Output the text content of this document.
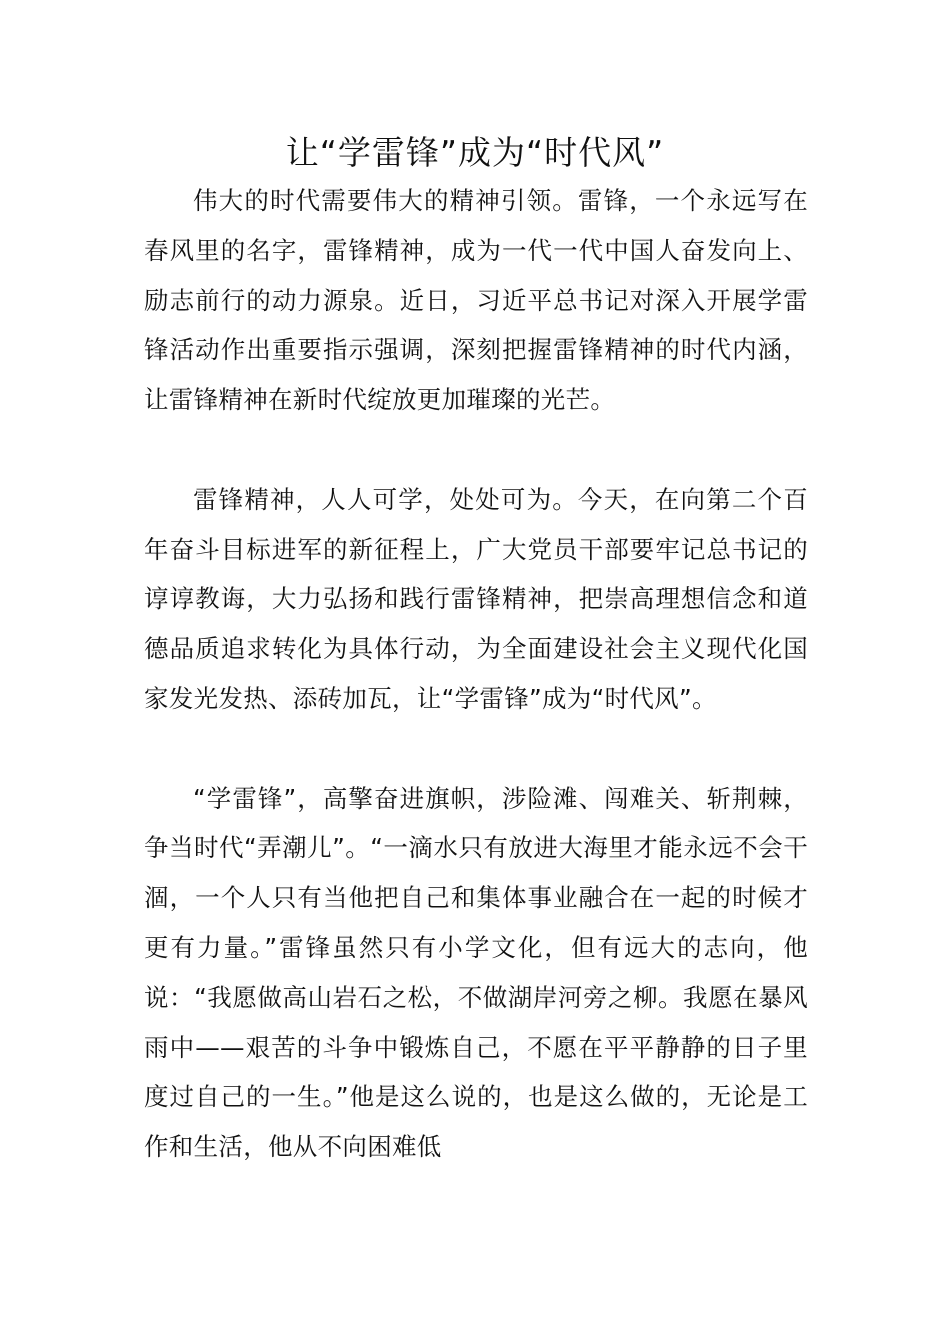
让“学雷锋”成为“时代风”

伟大的时代需要伟大的精神引领。雷锋，一个永远写在春风里的名字，雷锋精神，成为一代一代中国人奋发向上、励志前行的动力源泉。近日，习近平总书记对深入开展学雷锋活动作出重要指示强调，深刻把握雷锋精神的时代内涵，让雷锋精神在新时代绽放更加璀璨的光芒。

雷锋精神，人人可学，处处可为。今天，在向第二个百年奋斗目标进军的新征程上，广大党员干部要牢记总书记的谆谆教诲，大力弘扬和践行雷锋精神，把崇高理想信念和道德品质追求转化为具体行动，为全面建设社会主义现代化国家发光发热、添砖加瓦，让“学雷锋”成为“时代风”。

“学雷锋”，高擎奋进旗帜，涉险滩、闯难关、斩荆棘，争当时代“弄潮儿”。“一滴水只有放进大海里才能永远不会干涸，一个人只有当他把自己和集体事业融合在一起的时候才更有力量。”雷锋虽然只有小学文化，但有远大的志向，他说：“我愿做高山岩石之松，不做湖岸河旁之柳。我愿在暴风雨中——艰苦的斗争中锻炼自己，不愿在平平静静的日子里度过自己的一生。”他是这么说的，也是这么做的，无论是工作和生活，他从不向困难低
